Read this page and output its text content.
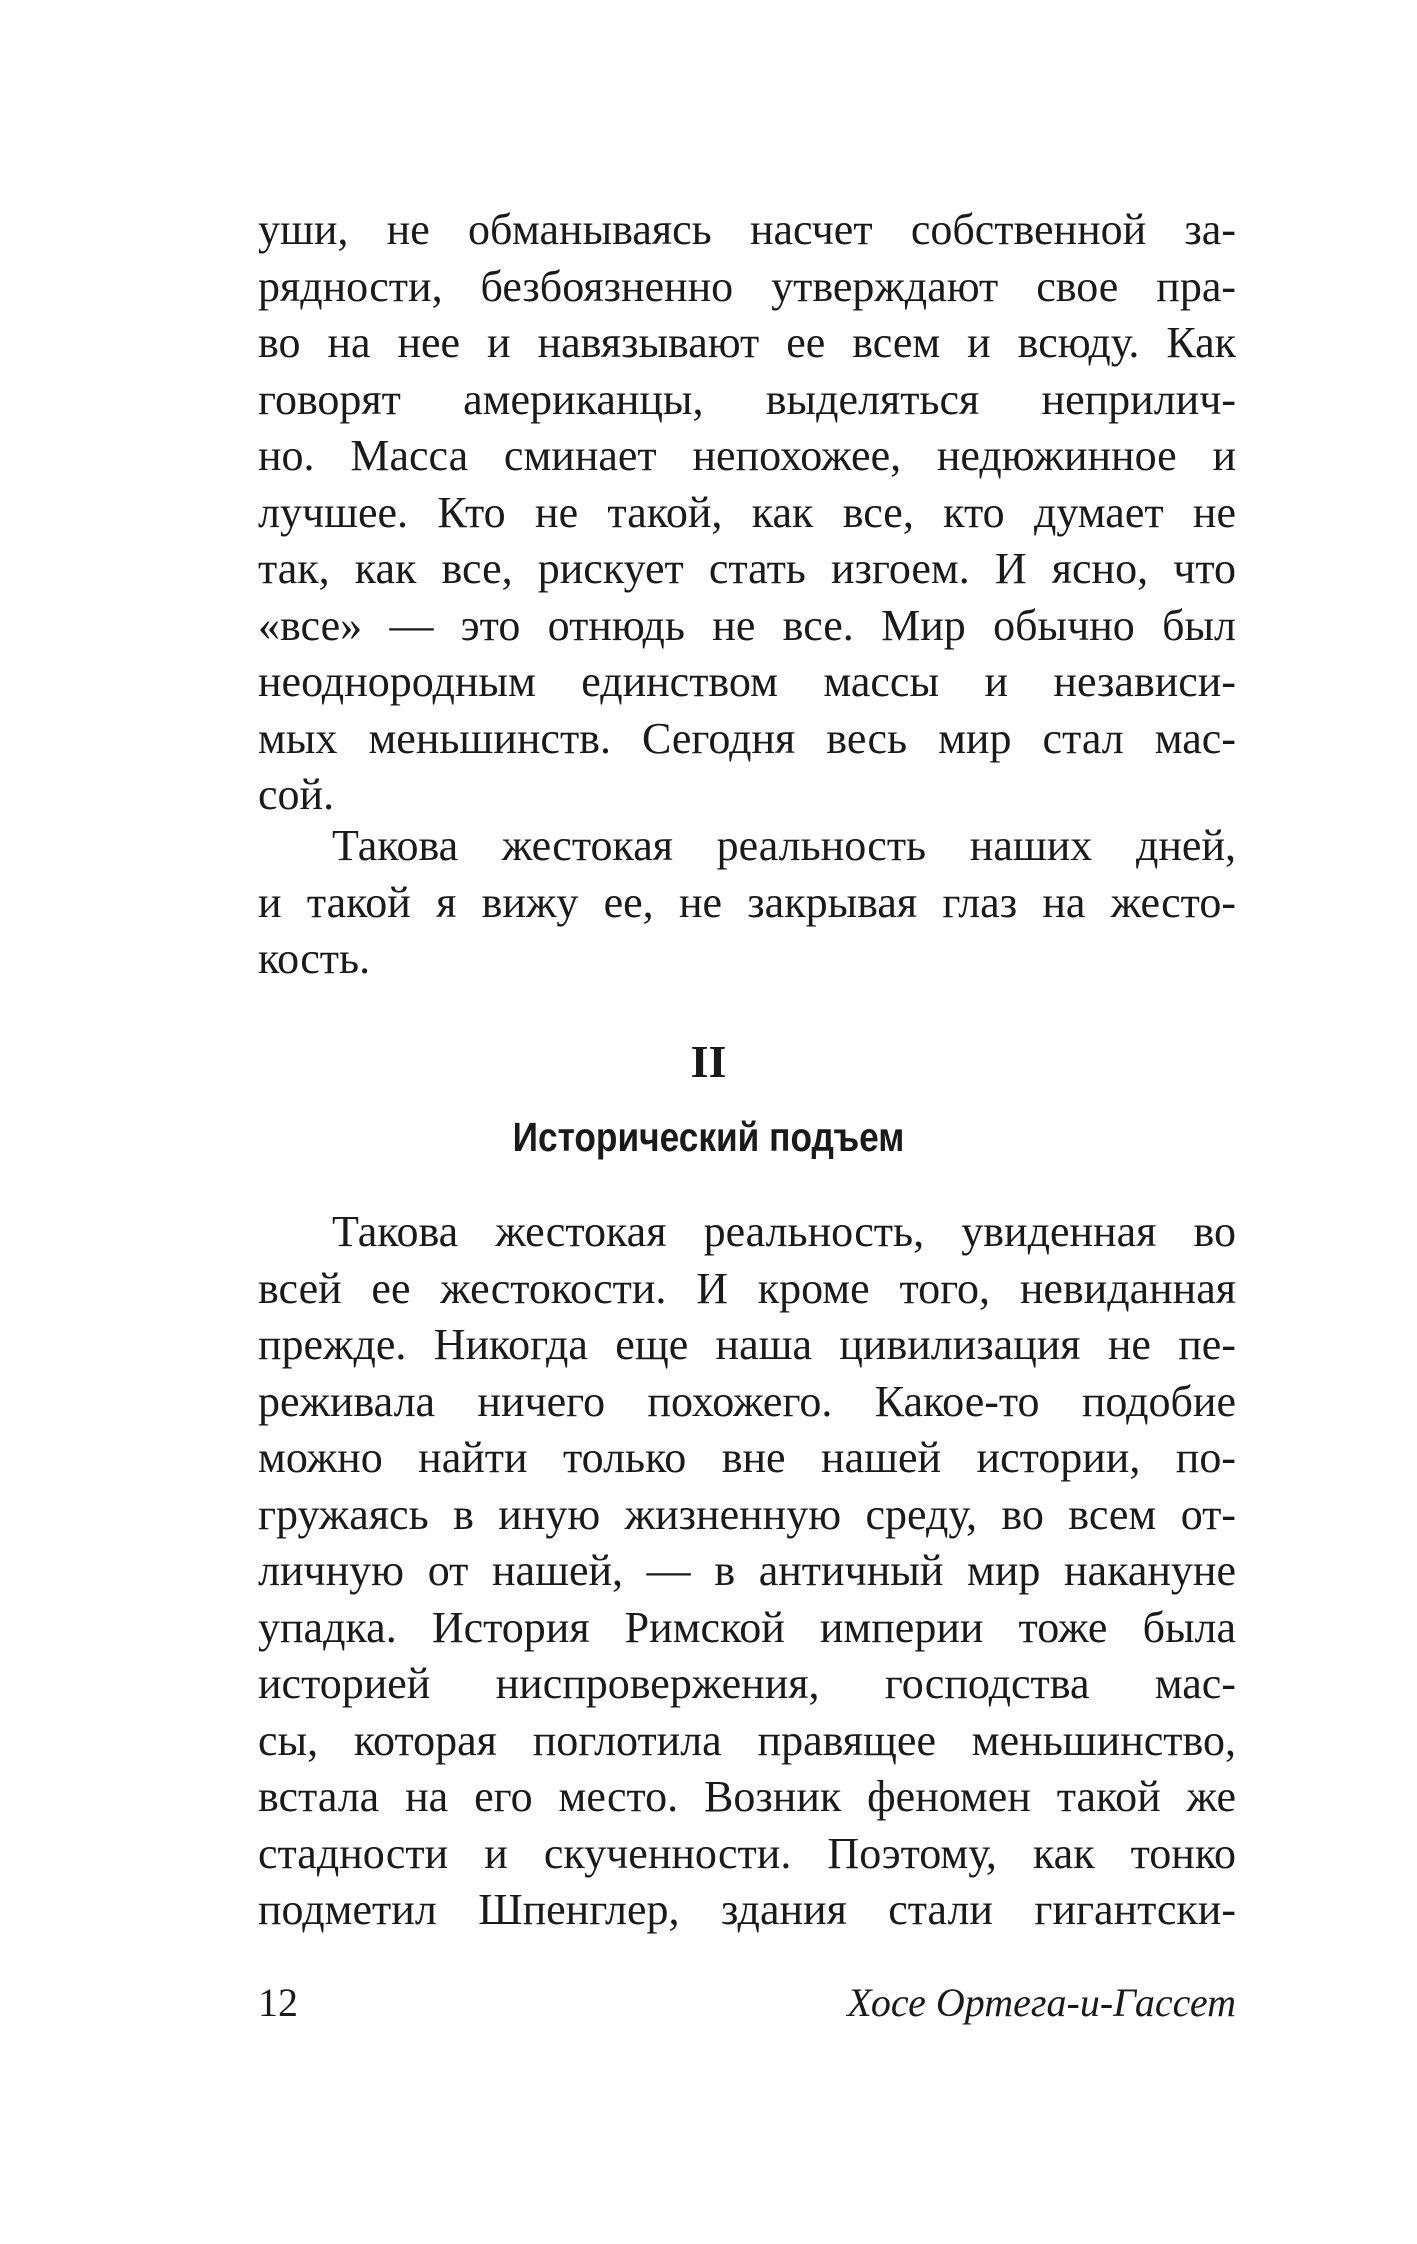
уши, не обманываясь насчет собственной за-
рядности, безбоязненно утверждают свое пра-
во на нее и навязывают ее всем и всюду. Как
говорят американцы, выделяться неприлич-
но. Масса сминает непохожее, недюжинное и
лучшее. Кто не такой, как все, кто думает не
так, как все, рискует стать изгоем. И ясно, что
«все» — это отнюдь не все. Мир обычно был
неоднородным единством массы и независи-
мых меньшинств. Сегодня весь мир стал мас-
сой.
Такова жестокая реальность наших дней,
и такой я вижу ее, не закрывая глаз на жесто-
кость.
II
Исторический подъем
Такова жестокая реальность, увиденная во
всей ее жестокости. И кроме того, невиданная
прежде. Никогда еще наша цивилизация не пе-
реживала ничего похожего. Какое-то подобие
можно найти только вне нашей истории, по-
гружаясь в иную жизненную среду, во всем от-
личную от нашей, — в античный мир накануне
упадка. История Римской империи тоже была
историей ниспровержения, господства мас-
сы, которая поглотила правящее меньшинство,
встала на его место. Возник феномен такой же
стадности и скученности. Поэтому, как тонко
подметил Шпенглер, здания стали гигантски-
12	Хосе Ортега-и-Гассет
